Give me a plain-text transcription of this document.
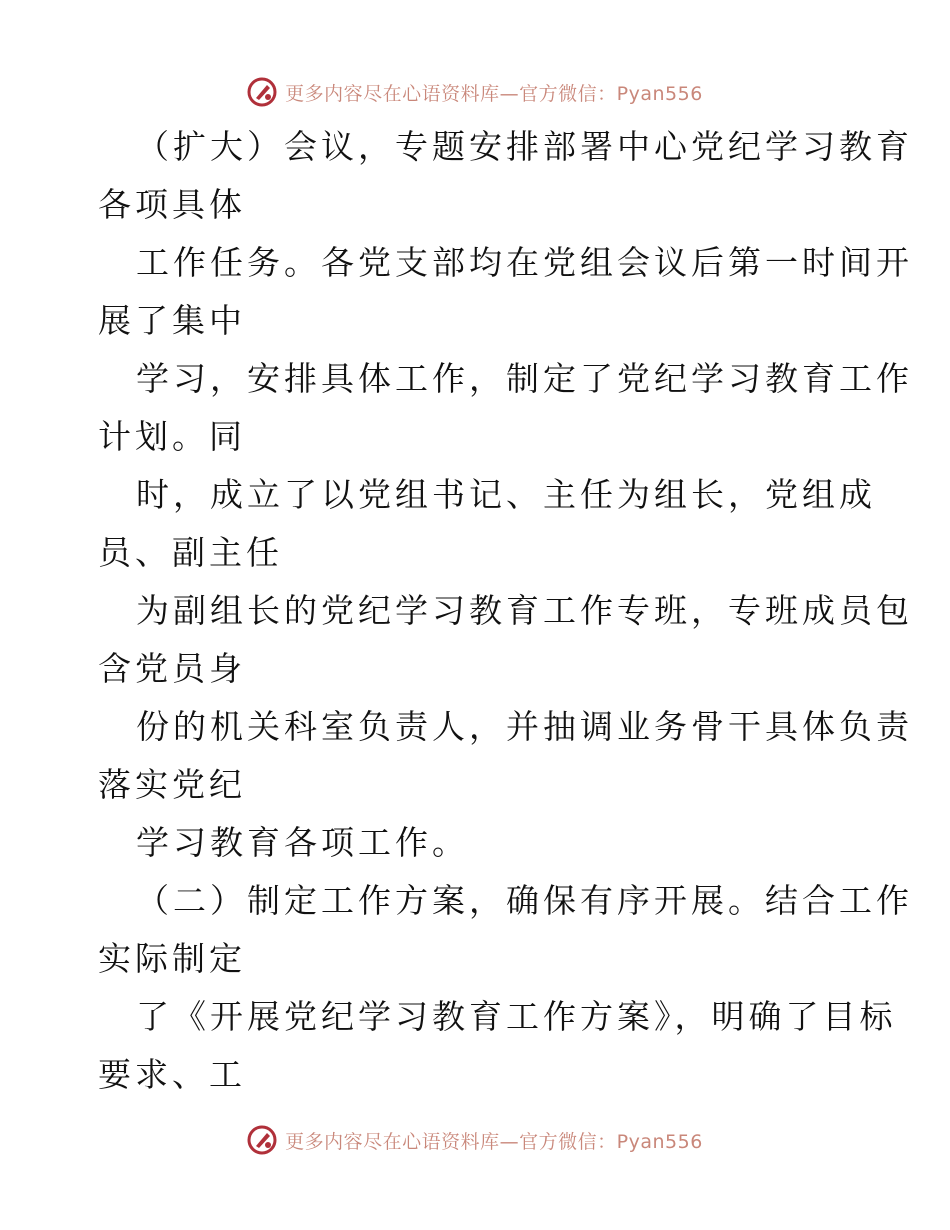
更多内容尽在心语资料库—官方微信：Pyan556
（扩大）会议，专题安排部署中心党纪学习教育
各项具体
工作任务。各党支部均在党组会议后第一时间开
展了集中
学习，安排具体工作，制定了党纪学习教育工作
计划。同
时，成立了以党组书记、主任为组长，党组成
员、副主任
为副组长的党纪学习教育工作专班，专班成员包
含党员身
份的机关科室负责人，并抽调业务骨干具体负责
落实党纪
学习教育各项工作。
（二）制定工作方案，确保有序开展。结合工作
实际制定
了《开展党纪学习教育工作方案》，明确了目标
要求、工
更多内容尽在心语资料库—官方微信：Pyan556
